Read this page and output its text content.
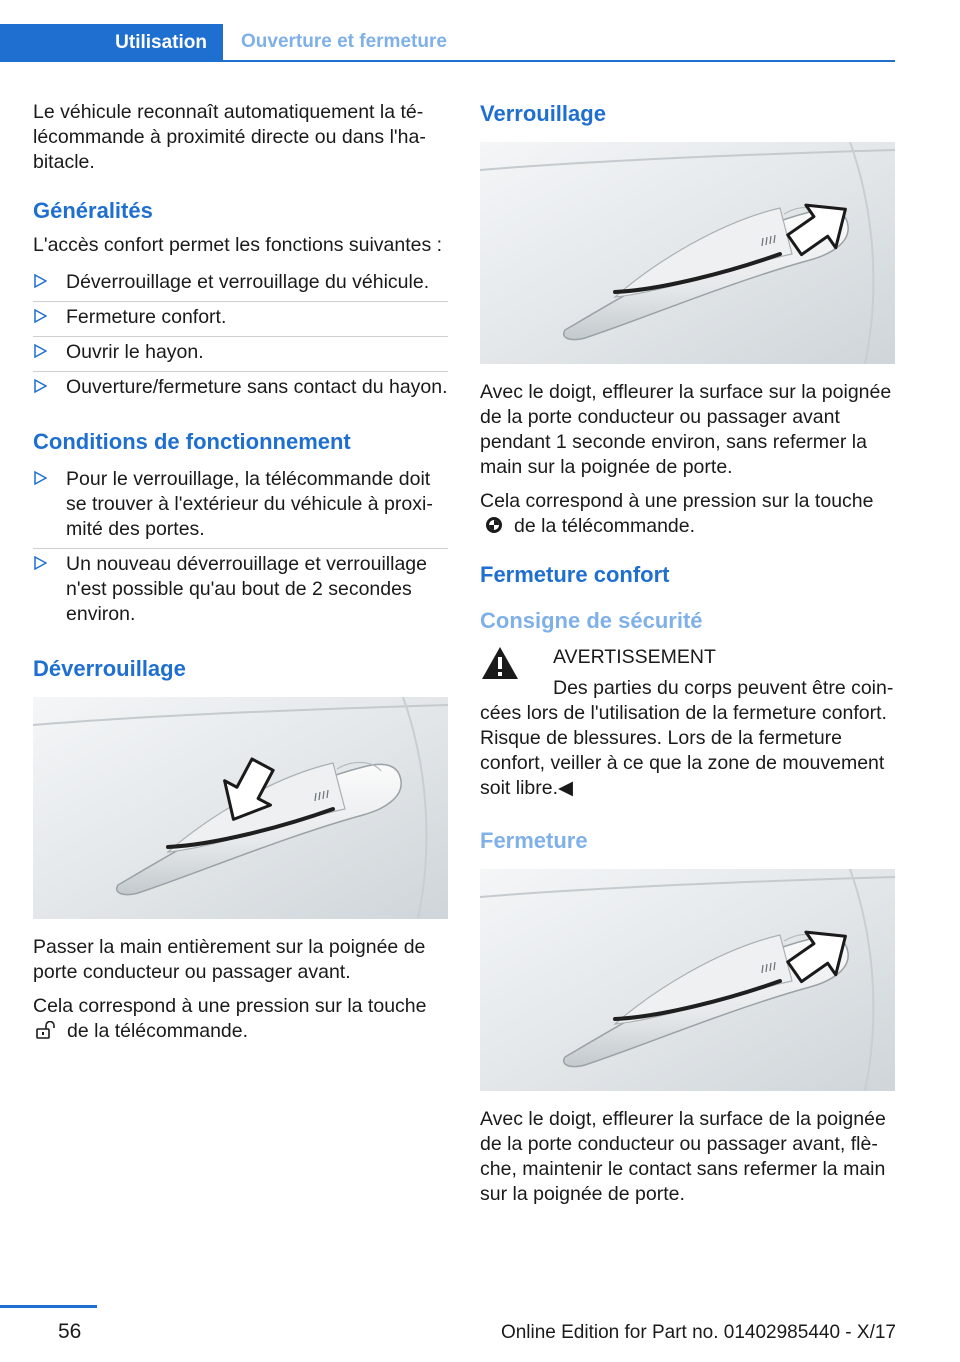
Utilisation	Ouverture et fermeture

Le véhicule reconnaît automatiquement la télécommande à proximité directe ou dans l'habitacle.

Généralités

L'accès confort permet les fonctions suivantes :

Déverrouillage et verrouillage du véhicule.
Fermeture confort.
Ouvrir le hayon.
Ouverture/fermeture sans contact du hayon.
Conditions de fonctionnement
Pour le verrouillage, la télécommande doit se trouver à l'extérieur du véhicule à proximité des portes.
Un nouveau déverrouillage et verrouillage n'est possible qu'au bout de 2 secondes environ.
Déverrouillage

Passer la main entièrement sur la poignée de porte conducteur ou passager avant.

Cela correspond à une pression sur la touche
de la télécommande.

Verrouillage

Avec le doigt, effleurer la surface sur la poignée de la porte conducteur ou passager avant pendant 1 seconde environ, sans refermer la main sur la poignée de porte.

Cela correspond à une pression sur la touche
de la télécommande.

Fermeture confort
Consigne de sécurité
AVERTISSEMENT
Des parties du corps peuvent être coincées lors de l'utilisation de la fermeture confort. Risque de blessures. Lors de la fermeture confort, veiller à ce que la zone de mouvement soit libre.◀
Fermeture

Avec le doigt, effleurer la surface de la poignée de la porte conducteur ou passager avant, flèche, maintenir le contact sans refermer la main sur la poignée de porte.

56	Online Edition for Part no. 01402985440 - X/17
